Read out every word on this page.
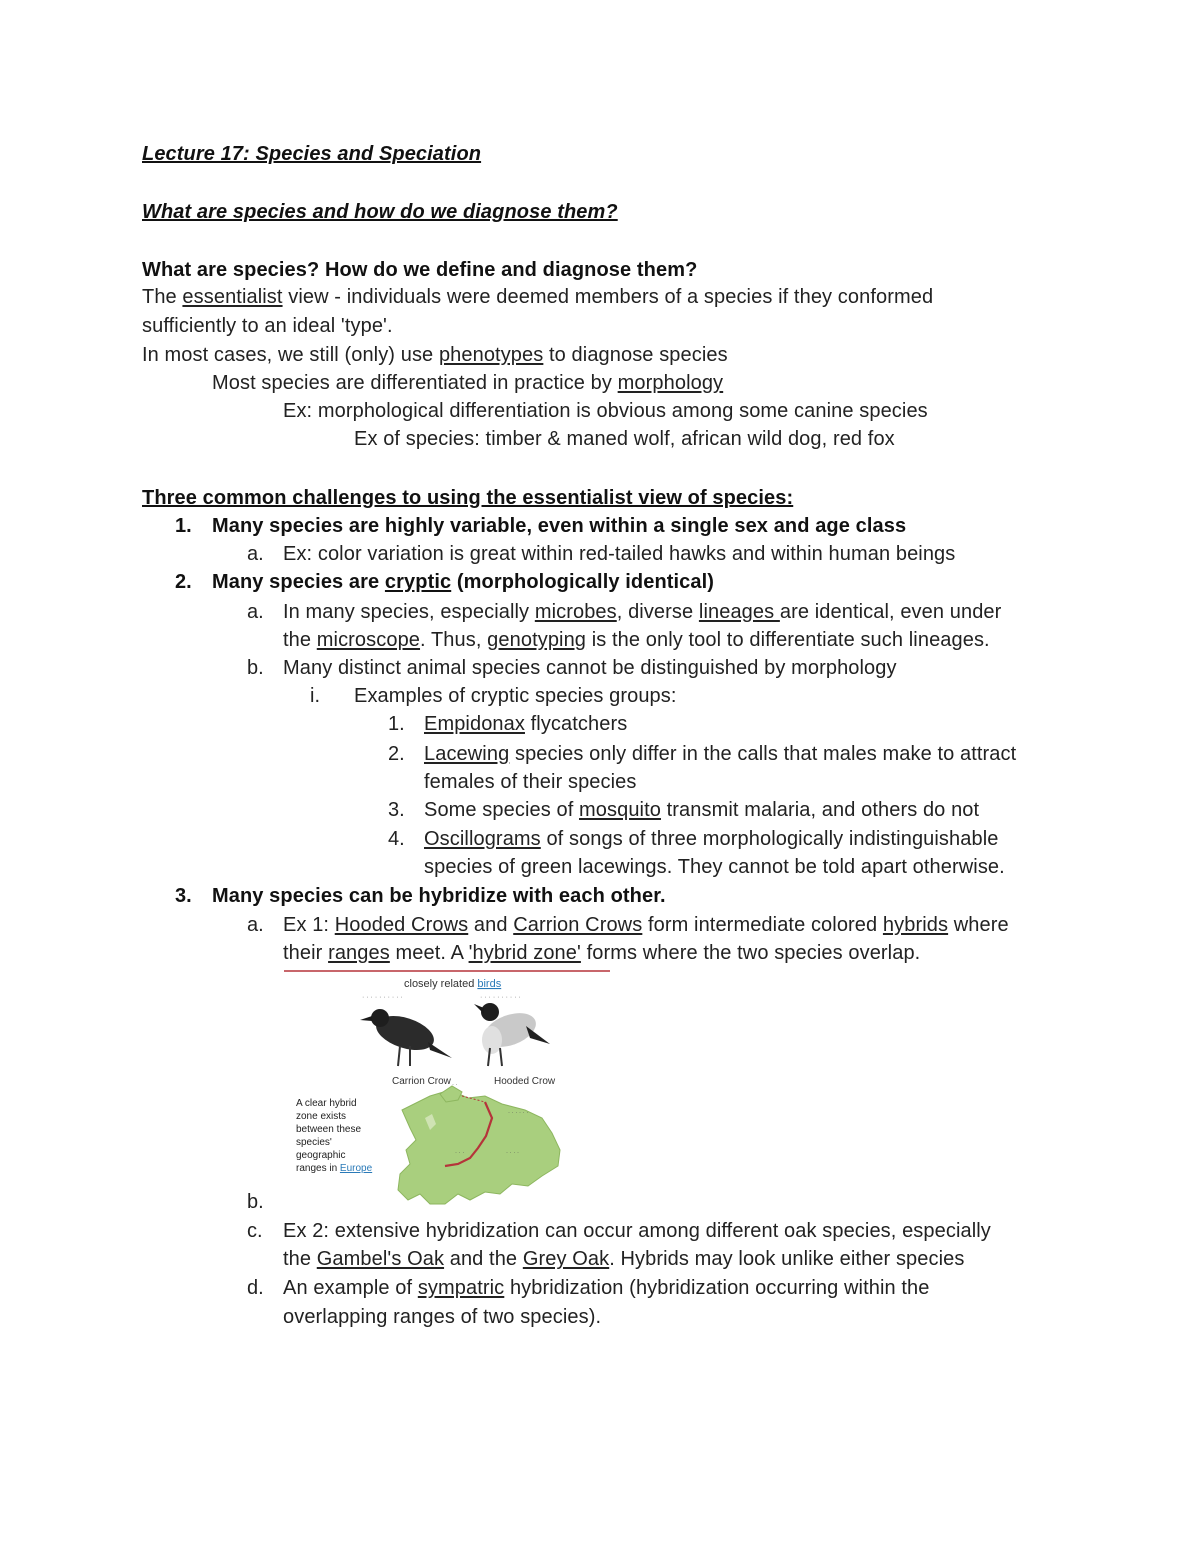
Lecture 17: Species and Speciation
What are species and how do we diagnose them?
What are species? How do we define and diagnose them?
The essentialist view - individuals were deemed members of a species if they conformed
sufficiently to an ideal 'type'.
In most cases, we still (only) use phenotypes to diagnose species
Most species are differentiated in practice by morphology
Ex: morphological differentiation is obvious among some canine species
Ex of species: timber & maned wolf, african wild dog, red fox
Three common challenges to using the essentialist view of species:
1. Many species are highly variable, even within a single sex and age class
a. Ex: color variation is great within red-tailed hawks and within human beings
2. Many species are cryptic (morphologically identical)
a. In many species, especially microbes, diverse lineages are identical, even under
the microscope. Thus, genotyping is the only tool to differentiate such lineages.
b. Many distinct animal species cannot be distinguished by morphology
i. Examples of cryptic species groups:
1. Empidonax flycatchers
2. Lacewing species only differ in the calls that males make to attract
females of their species
3. Some species of mosquito transmit malaria, and others do not
4. Oscillograms of songs of three morphologically indistinguishable
species of green lacewings. They cannot be told apart otherwise.
3. Many species can be hybridize with each other.
a. Ex 1: Hooded Crows and Carrion Crows form intermediate colored hybrids where
their ranges meet. A 'hybrid zone' forms where the two species overlap.
closely related birds
· · · · · · · · · ·	· · · · · · · · · ·
Carrion Crow	Hooded Crow
· ·
· · · · · ·
· · ·	· · · ·
A clear hybrid
zone exists
between these
species'
geographic
ranges in Europe
b.
c. Ex 2: extensive hybridization can occur among different oak species, especially
the Gambel's Oak and the Grey Oak. Hybrids may look unlike either species
d. An example of sympatric hybridization (hybridization occurring within the
overlapping ranges of two species).
